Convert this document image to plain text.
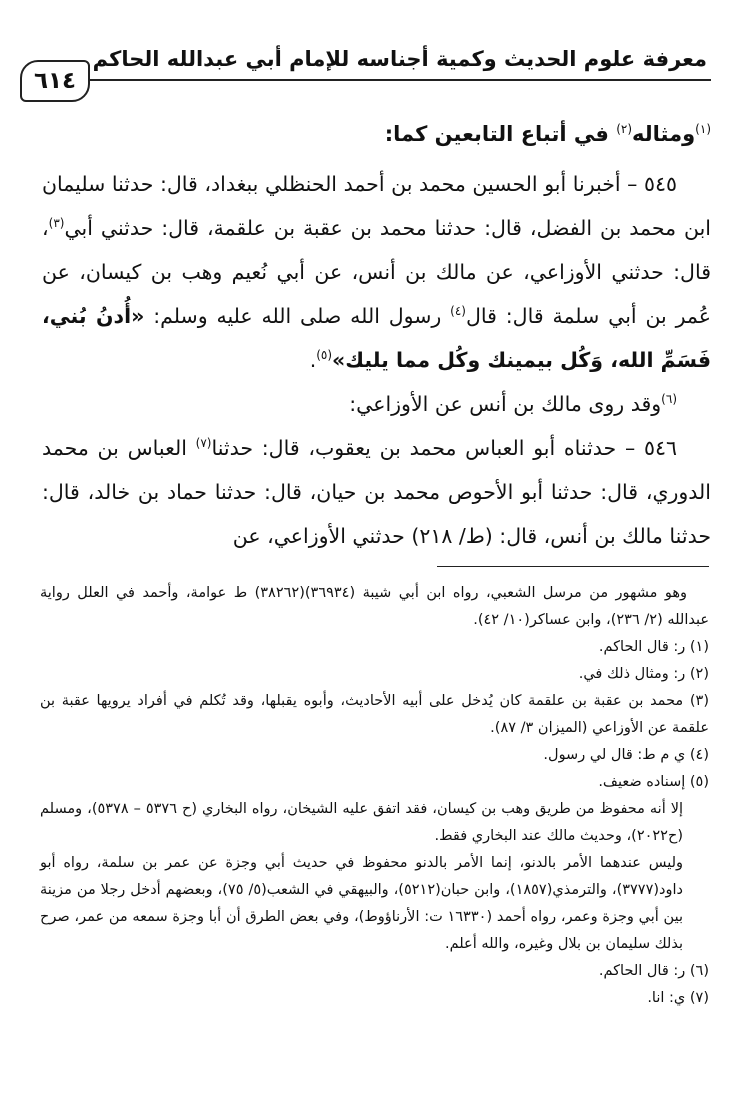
معرفة علوم الحديث وكمية أجناسه للإمام أبي عبدالله الحاكم
٦١٤

$^{(١)}$ومثاله$^{(٢)}$ في أتباع التابعين كما:

٥٤٥ – أخبرنا أبو الحسين محمد بن أحمد الحنظلي ببغداد، قال: حدثنا سليمان ابن محمد بن الفضل، قال: حدثنا محمد بن عقبة بن علقمة، قال: حدثني أبي$^{(٣)}$، قال: حدثني الأوزاعي، عن مالك بن أنس، عن أبي نُعيم وهب بن كيسان، عن عُمر بن أبي سلمة قال: قال$^{(٤)}$ رسول الله صلى الله عليه وسلم: «أُدنُ بُني، فَسَمِّ الله، وَكُل بيمينك وكُل مما يليك»$^{(٥)}$.

$^{(٦)}$وقد روى مالك بن أنس عن الأوزاعي:

٥٤٦ – حدثناه أبو العباس محمد بن يعقوب، قال: حدثنا$^{(٧)}$ العباس بن محمد الدوري، قال: حدثنا أبو الأحوص محمد بن حيان، قال: حدثنا حماد بن خالد، قال: حدثنا مالك بن أنس، قال: (ط/ ٢١٨) حدثني الأوزاعي، عن

وهو مشهور من مرسل الشعبي، رواه ابن أبي شيبة (٣٦٩٣٤)(٣٨٢٦٢) ط عوامة، وأحمد في العلل رواية عبدالله (٢/ ٢٣٦)، وابن عساكر(١٠/ ٤٢).

(١) ر: قال الحاكم.

(٢) ر: ومثال ذلك في.

(٣) محمد بن عقبة بن علقمة كان يُدخل على أبيه الأحاديث، وأبوه يقبلها، وقد تُكلم في أفراد يرويها عقبة بن علقمة عن الأوزاعي (الميزان ٣/ ٨٧).

(٤) ي م ط: قال لي رسول.

(٥) إسناده ضعيف.

إلا أنه محفوظ من طريق وهب بن كيسان، فقد اتفق عليه الشيخان، رواه البخاري (ح ٥٣٧٦ – ٥٣٧٨)، ومسلم (ح٢٠٢٢)، وحديث مالك عند البخاري فقط.

وليس عندهما الأمر بالدنو، إنما الأمر بالدنو محفوظ في حديث أبي وجزة عن عمر بن سلمة، رواه أبو داود(٣٧٧٧)، والترمذي(١٨٥٧)، وابن حبان(٥٢١٢)، والبيهقي في الشعب(٥/ ٧٥)، وبعضهم أدخل رجلا من مزينة بين أبي وجزة وعمر، رواه أحمد (١٦٣٣٠ ت: الأرناؤوط)، وفي بعض الطرق أن أبا وجزة سمعه من عمر، صرح بذلك سليمان بن بلال وغيره، والله أعلم.

(٦) ر: قال الحاكم.

(٧) ي: انا.
